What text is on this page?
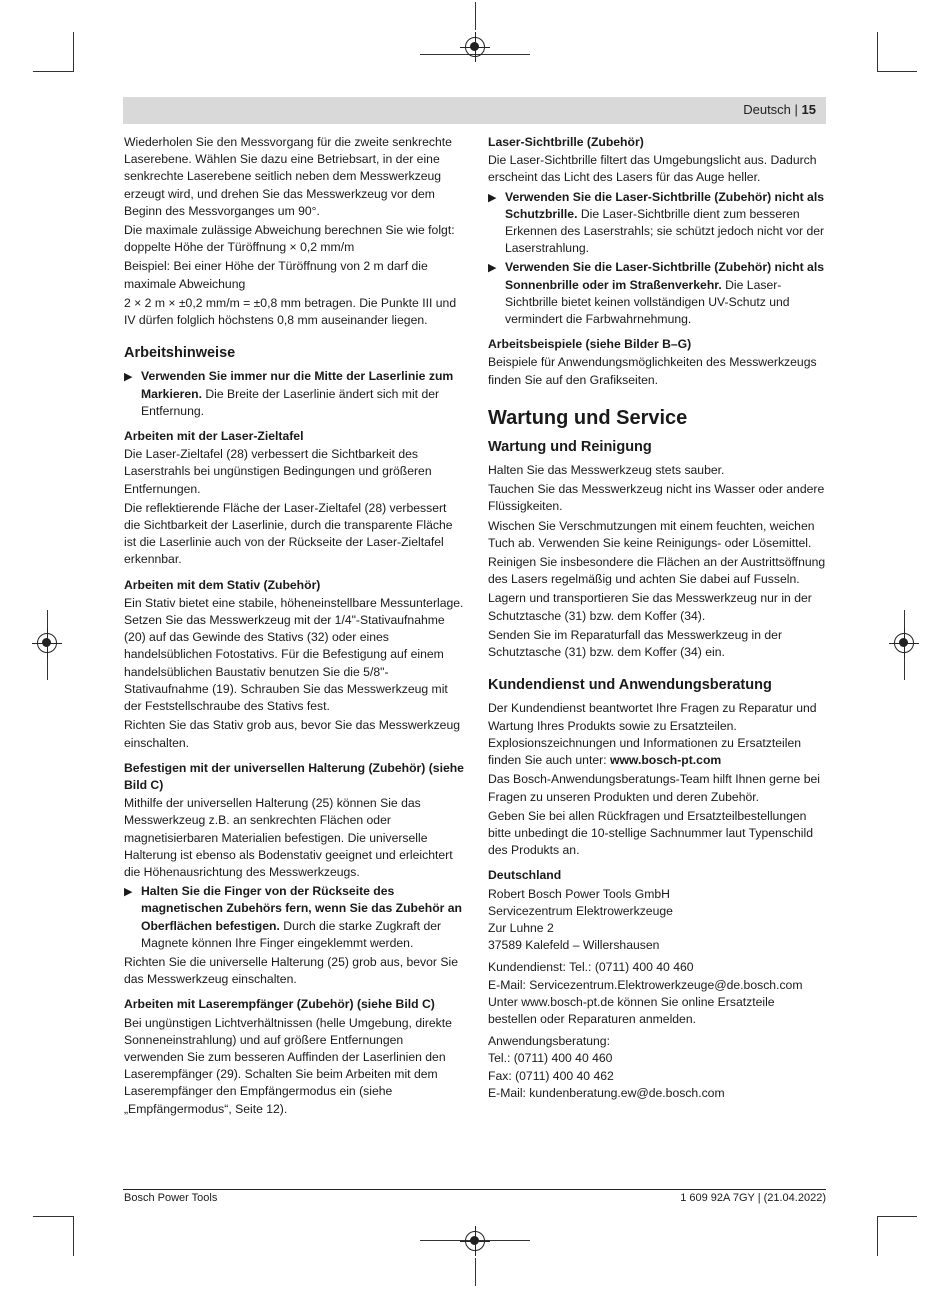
Deutsch | 15

Wiederholen Sie den Messvorgang für die zweite senkrechte Laserebene. Wählen Sie dazu eine Betriebsart, in der eine senkrechte Laserebene seitlich neben dem Messwerkzeug erzeugt wird, und drehen Sie das Messwerkzeug vor dem Beginn des Messvorganges um 90°.

Die maximale zulässige Abweichung berechnen Sie wie folgt: doppelte Höhe der Türöffnung × 0,2 mm/m

Beispiel: Bei einer Höhe der Türöffnung von 2 m darf die maximale Abweichung

2 × 2 m × ±0,2 mm/m = ±0,8 mm betragen. Die Punkte III und IV dürfen folglich höchstens 0,8 mm auseinander liegen.

Arbeitshinweise
▶ Verwenden Sie immer nur die Mitte der Laserlinie zum Markieren. Die Breite der Laserlinie ändert sich mit der Entfernung.
Arbeiten mit der Laser-Zieltafel

Die Laser-Zieltafel (28) verbessert die Sichtbarkeit des Laserstrahls bei ungünstigen Bedingungen und größeren Entfernungen.

Die reflektierende Fläche der Laser-Zieltafel (28) verbessert die Sichtbarkeit der Laserlinie, durch die transparente Fläche ist die Laserlinie auch von der Rückseite der Laser-Zieltafel erkennbar.

Arbeiten mit dem Stativ (Zubehör)

Ein Stativ bietet eine stabile, höheneinstellbare Messunterlage. Setzen Sie das Messwerkzeug mit der 1/4"-Stativaufnahme (20) auf das Gewinde des Stativs (32) oder eines handelsüblichen Fotostativs. Für die Befestigung auf einem handelsüblichen Baustativ benutzen Sie die 5/8"-Stativaufnahme (19). Schrauben Sie das Messwerkzeug mit der Feststellschraube des Stativs fest.

Richten Sie das Stativ grob aus, bevor Sie das Messwerkzeug einschalten.

Befestigen mit der universellen Halterung (Zubehör) (siehe Bild C)

Mithilfe der universellen Halterung (25) können Sie das Messwerkzeug z.B. an senkrechten Flächen oder magnetisierbaren Materialien befestigen. Die universelle Halterung ist ebenso als Bodenstativ geeignet und erleichtert die Höhenausrichtung des Messwerkzeugs.

▶ Halten Sie die Finger von der Rückseite des magnetischen Zubehörs fern, wenn Sie das Zubehör an Oberflächen befestigen. Durch die starke Zugkraft der Magnete können Ihre Finger eingeklemmt werden.

Richten Sie die universelle Halterung (25) grob aus, bevor Sie das Messwerkzeug einschalten.

Arbeiten mit Laserempfänger (Zubehör) (siehe Bild C)

Bei ungünstigen Lichtverhältnissen (helle Umgebung, direkte Sonneneinstrahlung) und auf größere Entfernungen verwenden Sie zum besseren Auffinden der Laserlinien den Laserempfänger (29). Schalten Sie beim Arbeiten mit dem Laserempfänger den Empfängermodus ein (siehe „Empfängermodus“, Seite 12).

Laser-Sichtbrille (Zubehör)

Die Laser-Sichtbrille filtert das Umgebungslicht aus. Dadurch erscheint das Licht des Lasers für das Auge heller.

▶ Verwenden Sie die Laser-Sichtbrille (Zubehör) nicht als Schutzbrille. Die Laser-Sichtbrille dient zum besseren Erkennen des Laserstrahls; sie schützt jedoch nicht vor der Laserstrahlung.
▶ Verwenden Sie die Laser-Sichtbrille (Zubehör) nicht als Sonnenbrille oder im Straßenverkehr. Die Laser-Sichtbrille bietet keinen vollständigen UV-Schutz und vermindert die Farbwahrnehmung.
Arbeitsbeispiele (siehe Bilder B–G)

Beispiele für Anwendungsmöglichkeiten des Messwerkzeugs finden Sie auf den Grafikseiten.

Wartung und Service
Wartung und Reinigung

Halten Sie das Messwerkzeug stets sauber.

Tauchen Sie das Messwerkzeug nicht ins Wasser oder andere Flüssigkeiten.

Wischen Sie Verschmutzungen mit einem feuchten, weichen Tuch ab. Verwenden Sie keine Reinigungs- oder Lösemittel.

Reinigen Sie insbesondere die Flächen an der Austrittsöffnung des Lasers regelmäßig und achten Sie dabei auf Fusseln.

Lagern und transportieren Sie das Messwerkzeug nur in der Schutztasche (31) bzw. dem Koffer (34).

Senden Sie im Reparaturfall das Messwerkzeug in der Schutztasche (31) bzw. dem Koffer (34) ein.

Kundendienst und Anwendungsberatung

Der Kundendienst beantwortet Ihre Fragen zu Reparatur und Wartung Ihres Produkts sowie zu Ersatzteilen. Explosionszeichnungen und Informationen zu Ersatzteilen finden Sie auch unter: www.bosch-pt.com

Das Bosch-Anwendungsberatungs-Team hilft Ihnen gerne bei Fragen zu unseren Produkten und deren Zubehör.

Geben Sie bei allen Rückfragen und Ersatzteilbestellungen bitte unbedingt die 10-stellige Sachnummer laut Typenschild des Produkts an.

Deutschland

Robert Bosch Power Tools GmbH

Servicezentrum Elektrowerkzeuge

Zur Luhne 2

37589 Kalefeld – Willershausen

Kundendienst: Tel.: (0711) 400 40 460

E-Mail: Servicezentrum.Elektrowerkzeuge@de.bosch.com

Unter www.bosch-pt.de können Sie online Ersatzteile bestellen oder Reparaturen anmelden.

Anwendungsberatung:

Tel.: (0711) 400 40 460

Fax: (0711) 400 40 462

E-Mail: kundenberatung.ew@de.bosch.com

Bosch Power Tools	1 609 92A 7GY | (21.04.2022)
